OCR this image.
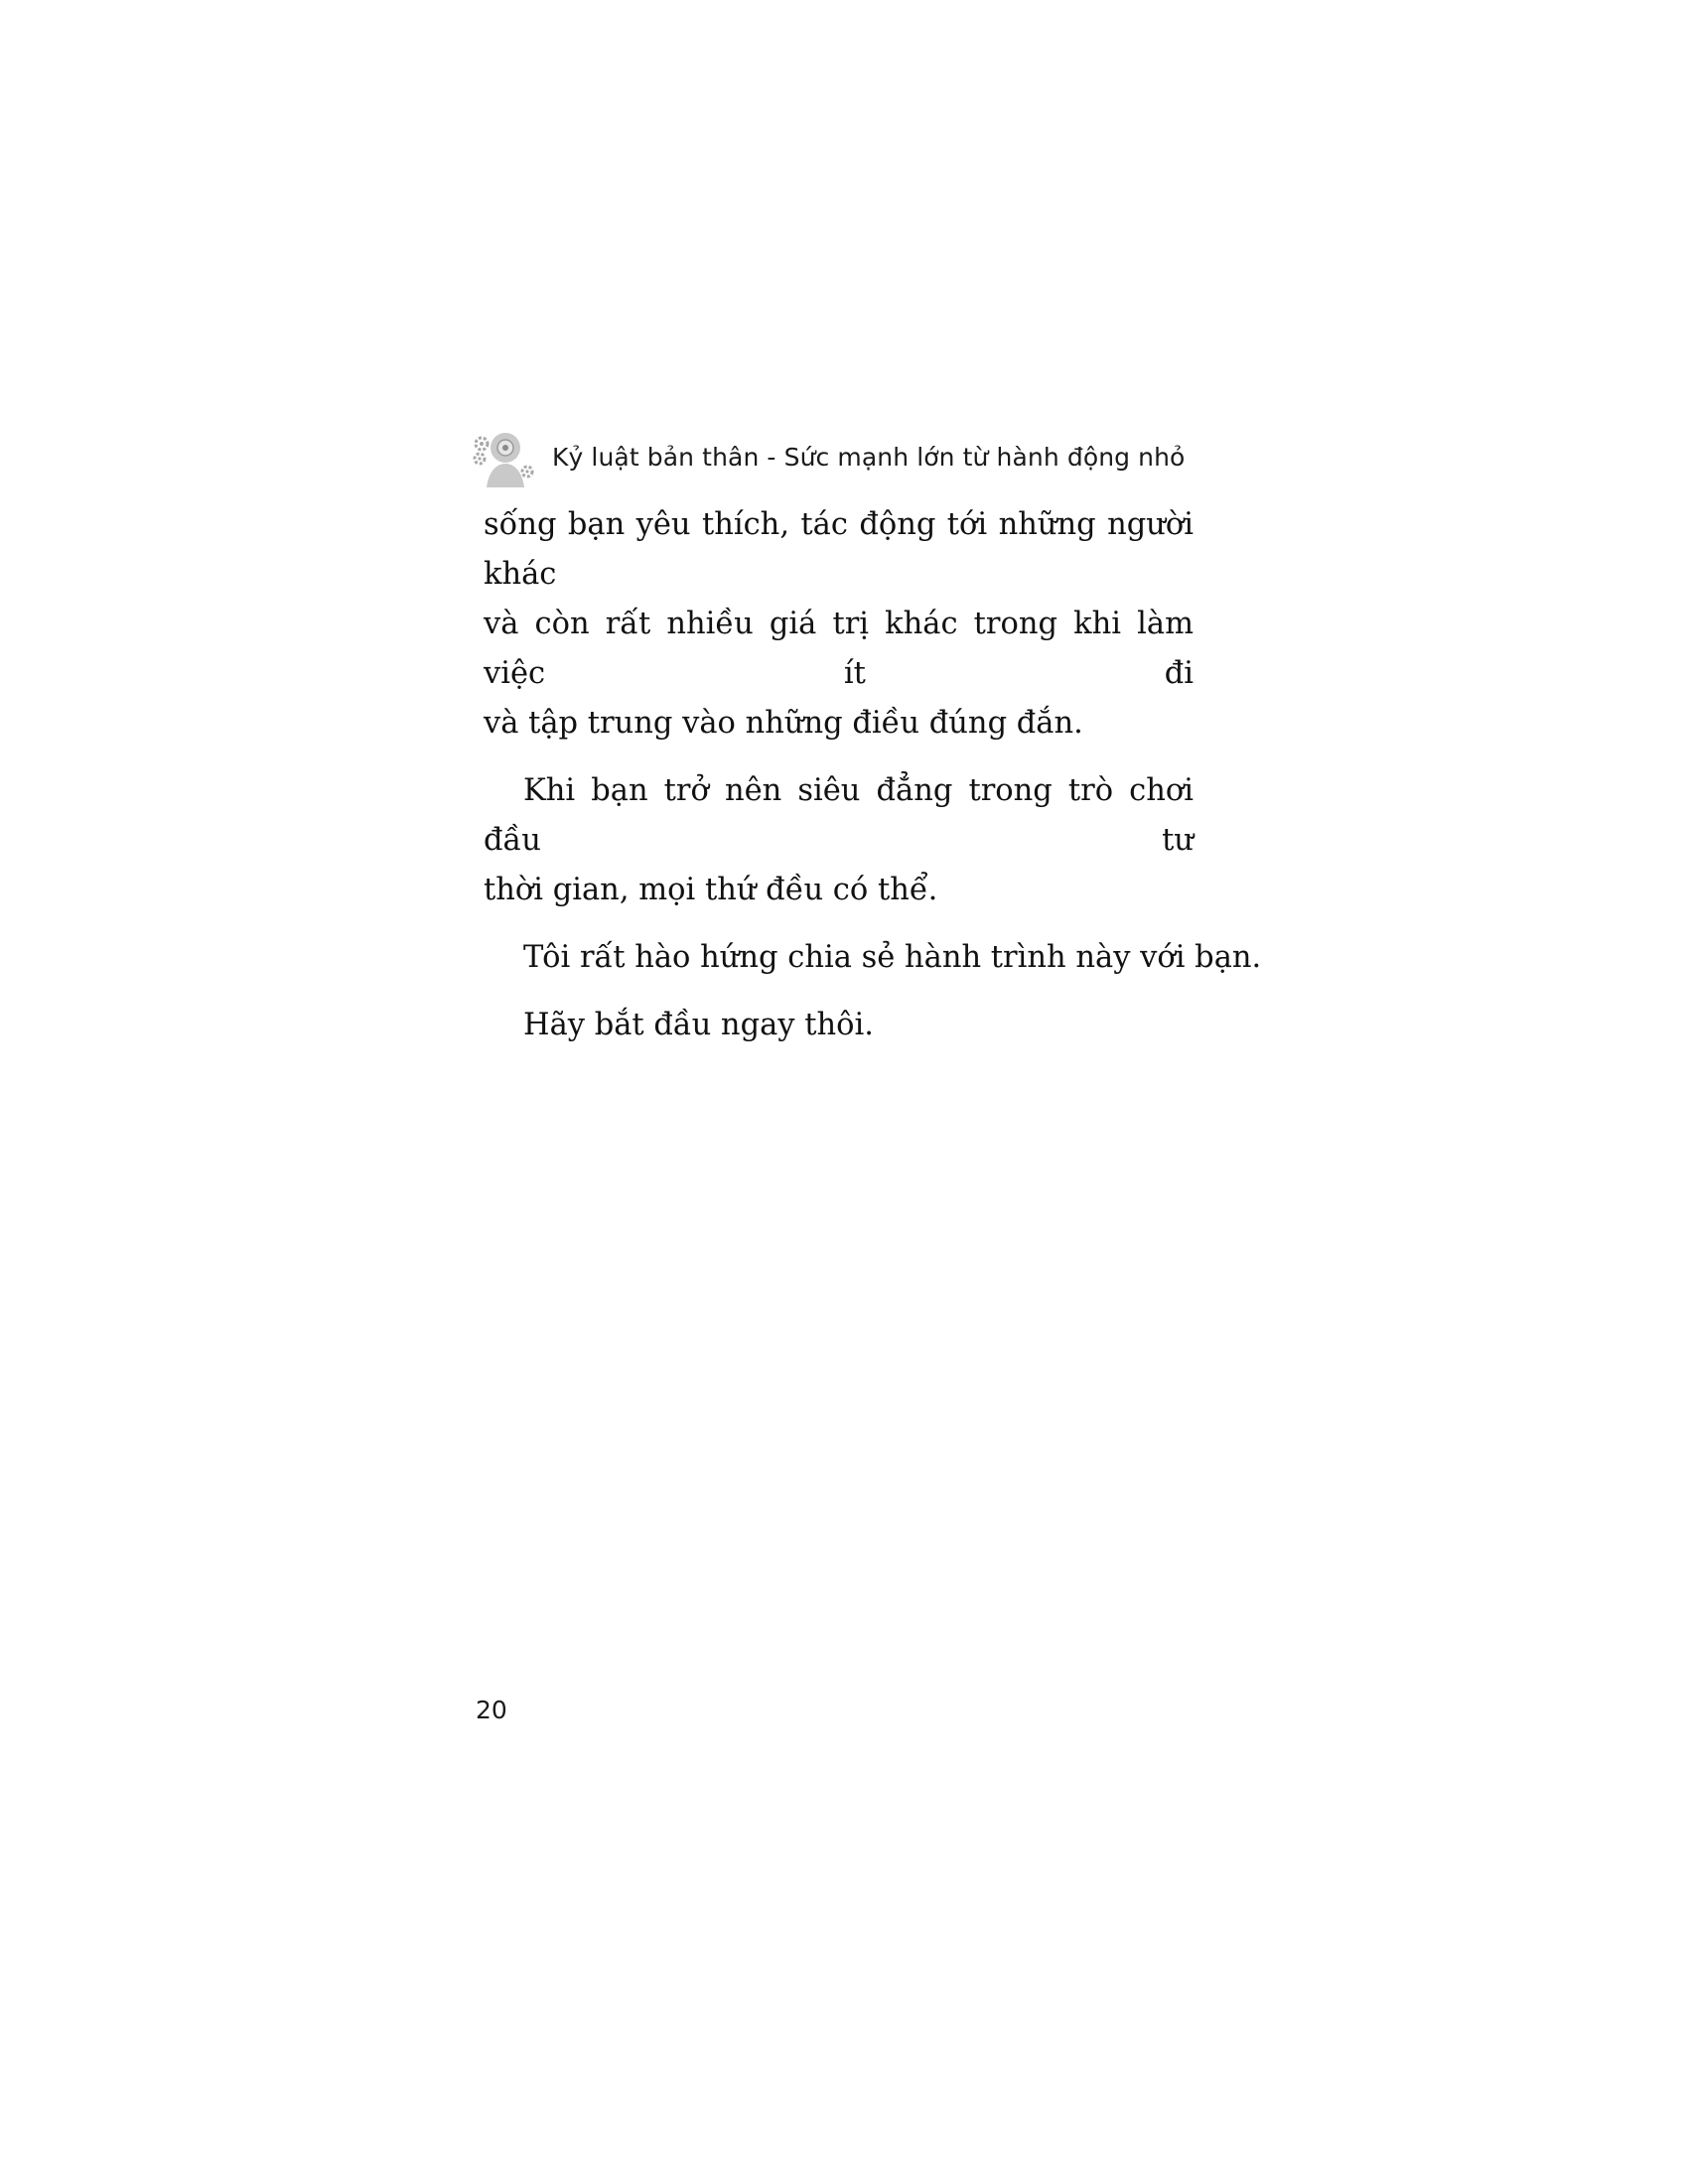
Kỷ luật bản thân - Sức mạnh lớn từ hành động nhỏ

sống bạn yêu thích, tác động tới những người khác
và còn rất nhiều giá trị khác trong khi làm việc ít đi
và tập trung vào những điều đúng đắn.

Khi bạn trở nên siêu đẳng trong trò chơi đầu tư
thời gian, mọi thứ đều có thể.

Tôi rất hào hứng chia sẻ hành trình này với bạn.

Hãy bắt đầu ngay thôi.

20
